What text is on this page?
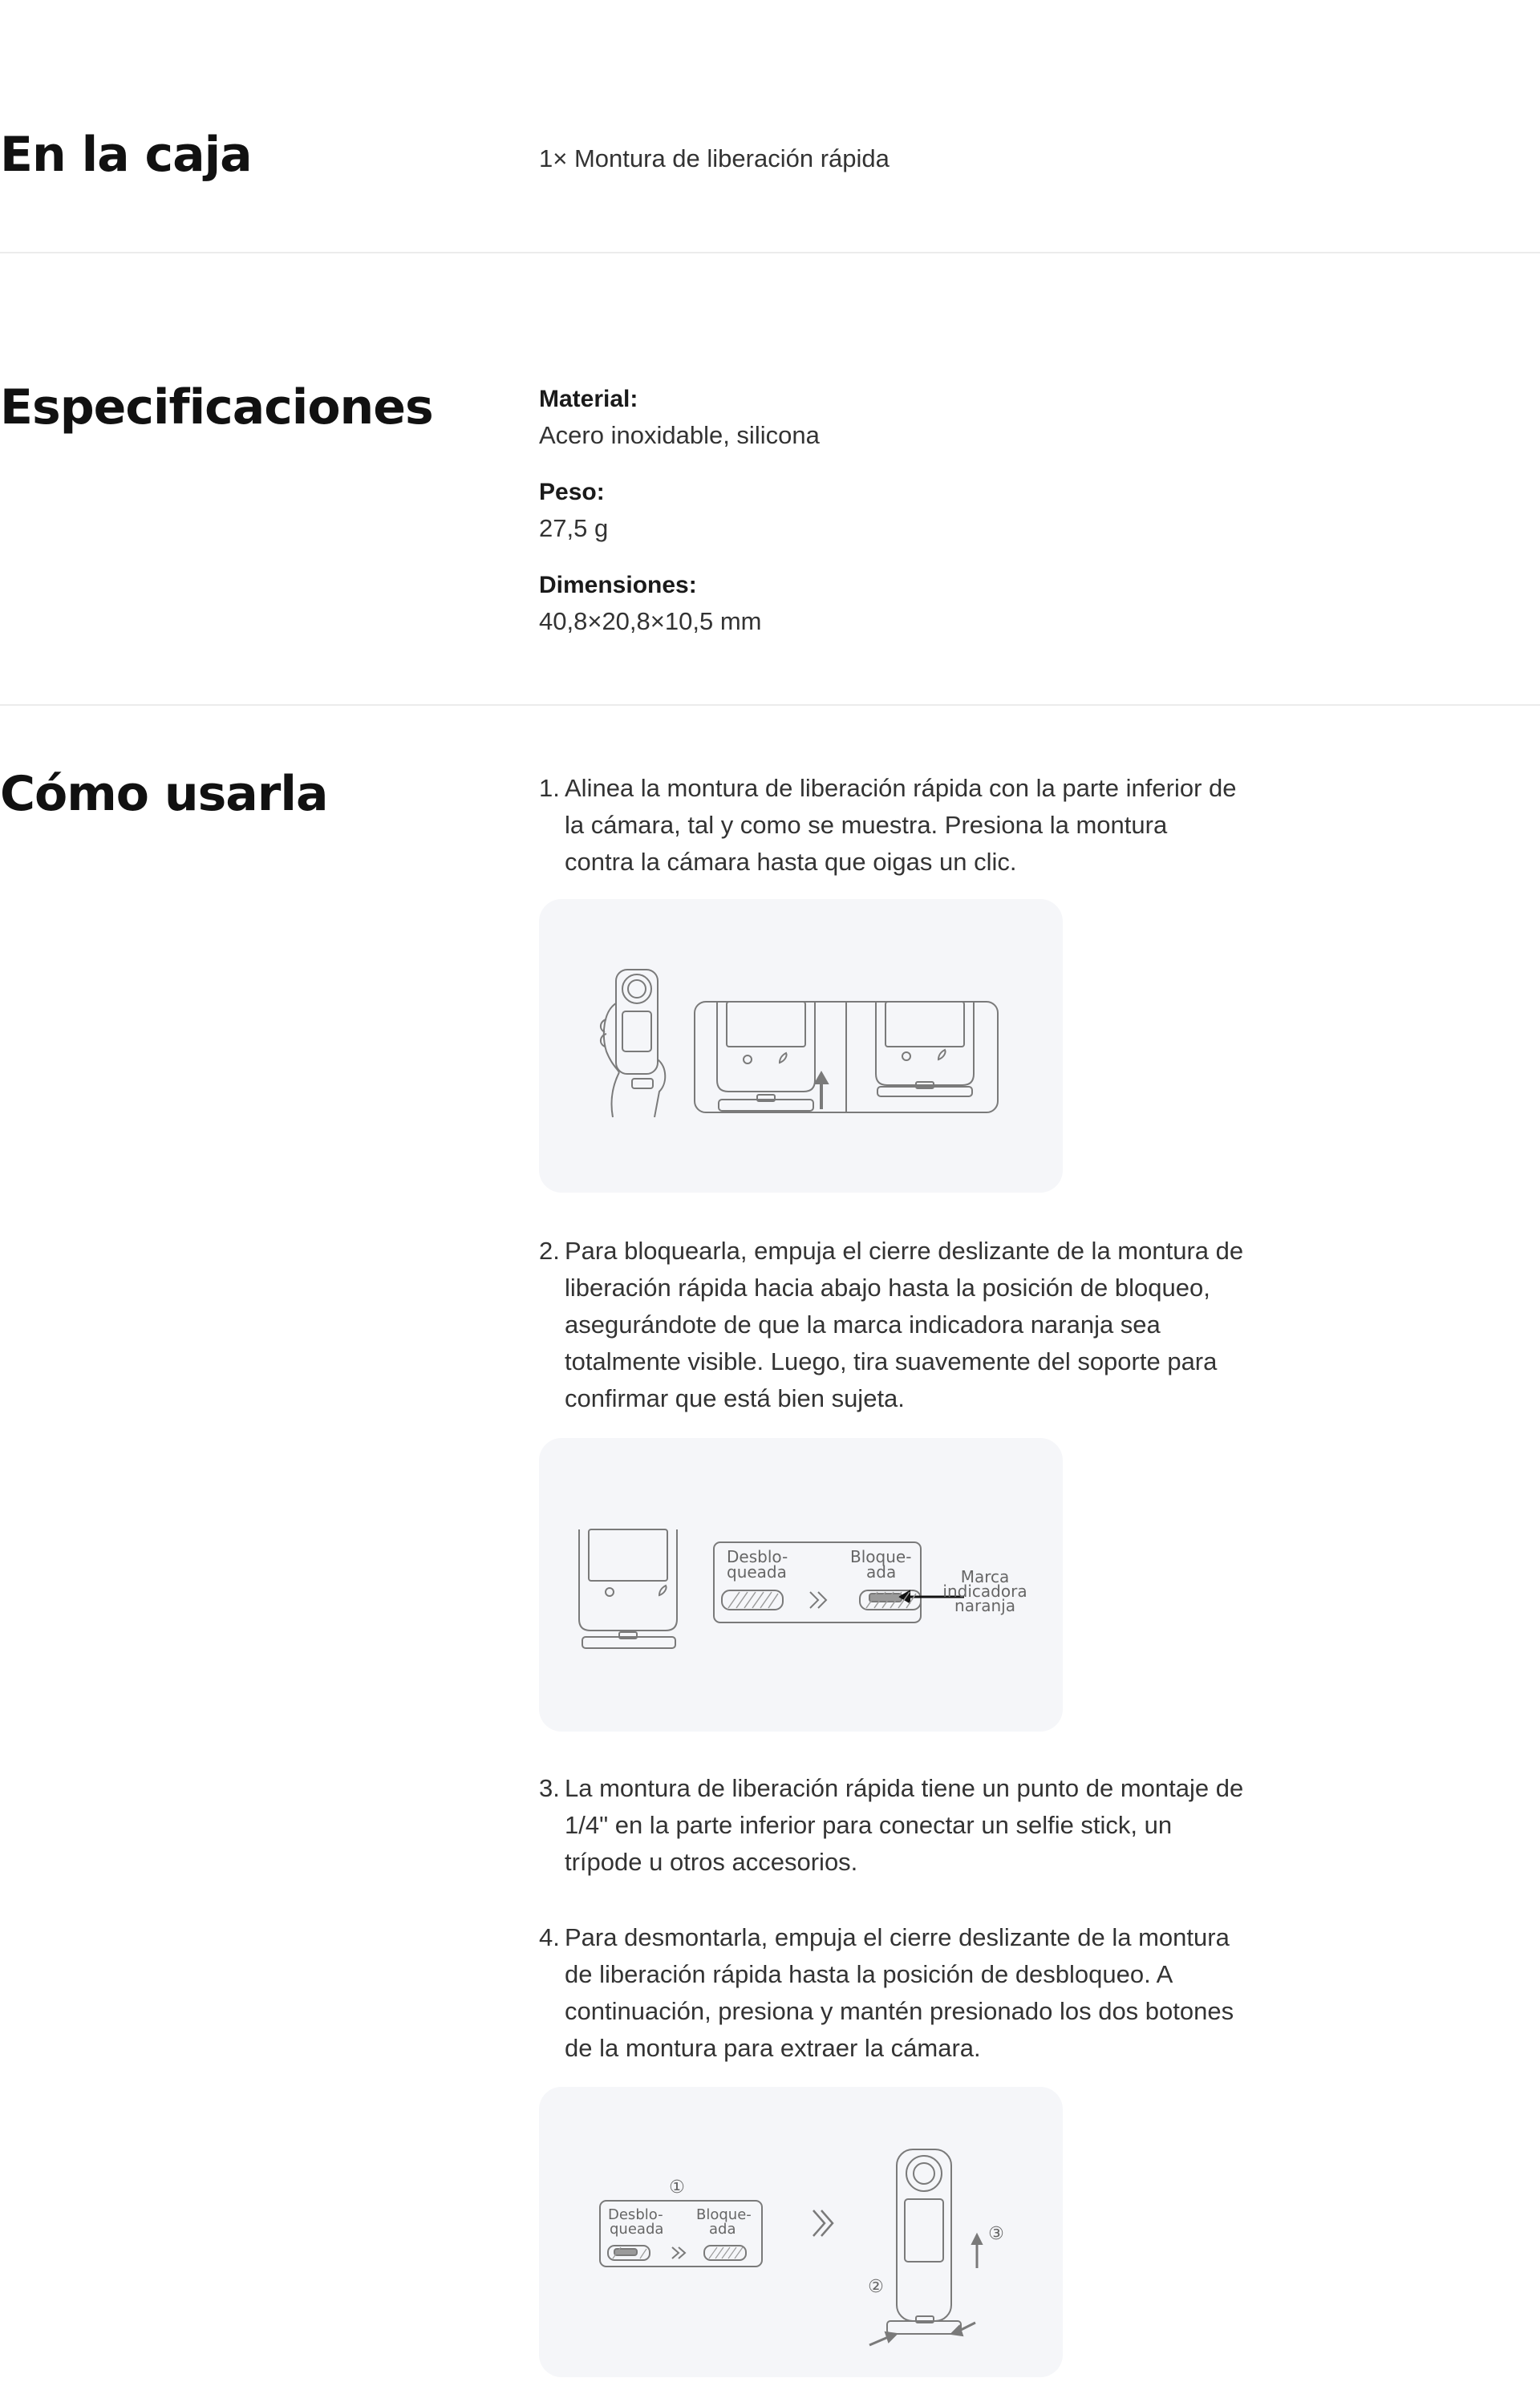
En la caja	1× Montura de liberación rápida
Especificaciones	Material:
Acero inoxidable, silicona
Peso:
27,5 g
Dimensiones:
40,8×20,8×10,5 mm
Cómo usarla	1. Alinea la montura de liberación rápida con la parte inferior de la cámara, tal y como se muestra. Presiona la montura contra la cámara hasta que oigas un clic.
2. Para bloquearla, empuja el cierre deslizante de la montura de liberación rápida hacia abajo hasta la posición de bloqueo, asegurándote de que la marca indicadora naranja sea totalmente visible. Luego, tira suavemente del soporte para confirmar que está bien sujeta.
Desblo-
queada
Bloque-
ada	Marca
indicadora
naranja
3. La montura de liberación rápida tiene un punto de montaje de 1/4" en la parte inferior para conectar un selfie stick, un trípode u otros accesorios.
4. Para desmontarla, empuja el cierre deslizante de la montura de liberación rápida hasta la posición de desbloqueo. A continuación, presiona y mantén presionado los dos botones de la montura para extraer la cámara.
①
Desblo-
queada
Bloque-
ada
②
③
